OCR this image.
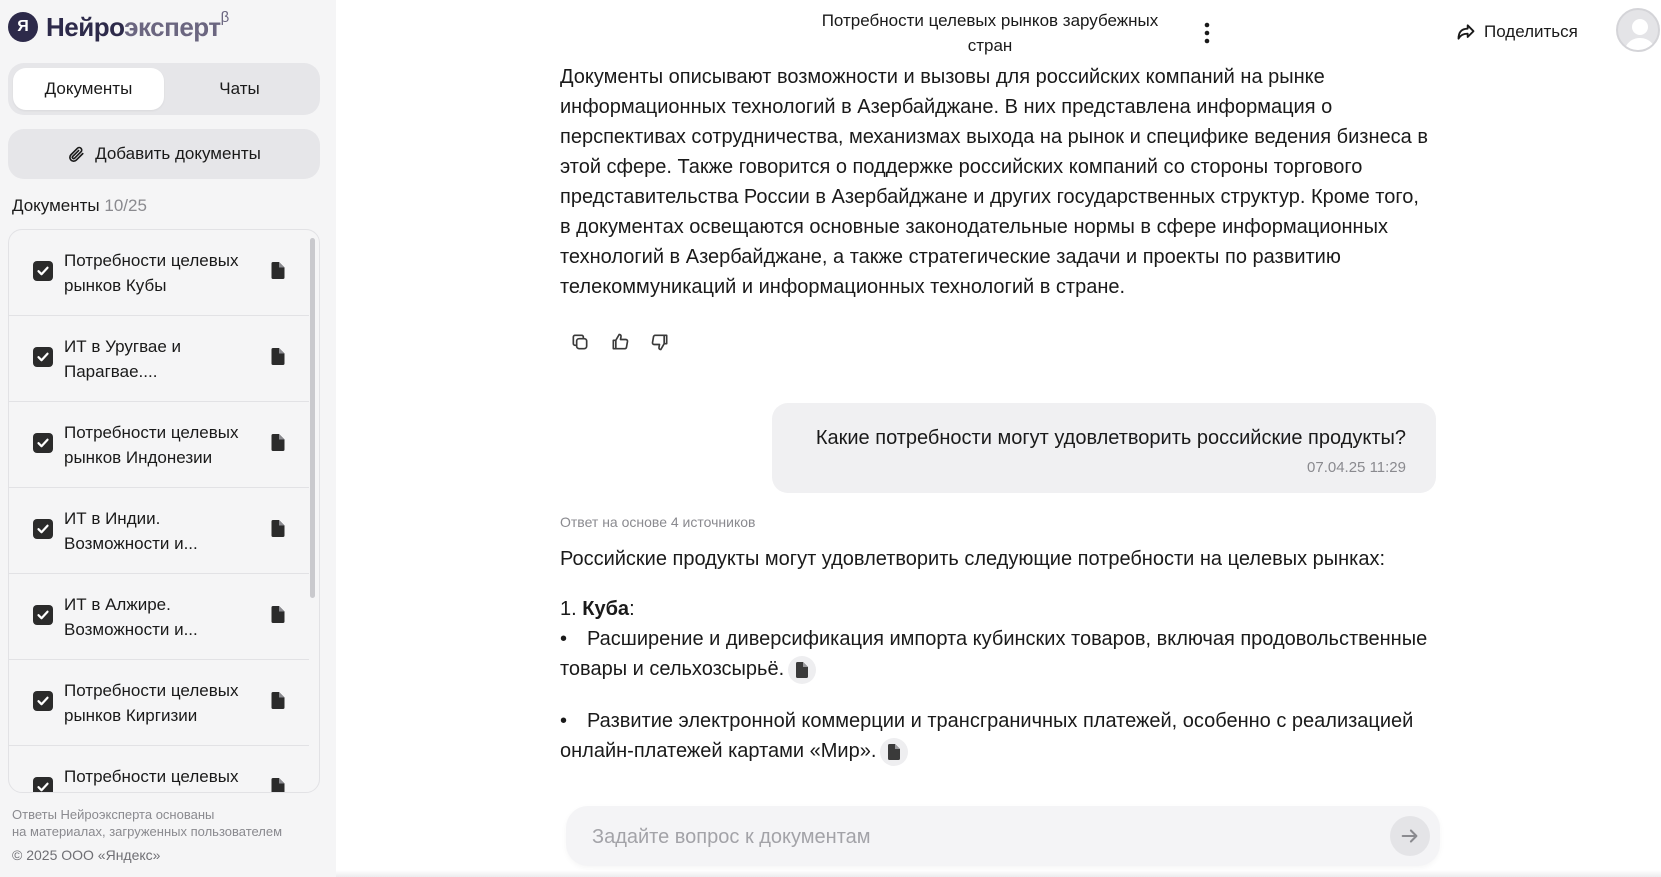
Я Нейроэксперт$^\beta$
Документы	Чаты
Добавить документы
Документы 10/25
Потребности целевых рынков Кубы
ИТ в Уругвае и Парагвае....
Потребности целевых рынков Индонезии
ИТ в Индии. Возможности и...
ИТ в Алжире. Возможности и...
Потребности целевых рынков Киргизии
Потребности целевых
Ответы Нейроэксперта основаны
на материалах, загруженных пользователем
© 2025 ООО «Яндекс»
Потребности целевых рынков зарубежных стран
Поделиться

Документы описывают возможности и вызовы для российских компаний на рынке информационных технологий в Азербайджане. В них представлена информация о перспективах сотрудничества, механизмах выхода на рынок и специфике ведения бизнеса в этой сфере. Также говорится о поддержке российских компаний со стороны торгового представительства России в Азербайджане и других государственных структур. Кроме того, в документах освещаются основные законодательные нормы в сфере информационных технологий в Азербайджане, а также стратегические задачи и проекты по развитию телекоммуникаций и информационных технологий в стране.

Какие потребности могут удовлетворить российские продукты?
07.04.25 11:29
Ответ на основе 4 источников
Российские продукты могут удовлетворить следующие потребности на целевых рынках:
1. Куба:
• Расширение и диверсификация импорта кубинских товаров, включая продовольственные товары и сельхозсырьё.
• Развитие электронной коммерции и трансграничных платежей, особенно с реализацией онлайн-платежей картами «Мир».
Задайте вопрос к документам
